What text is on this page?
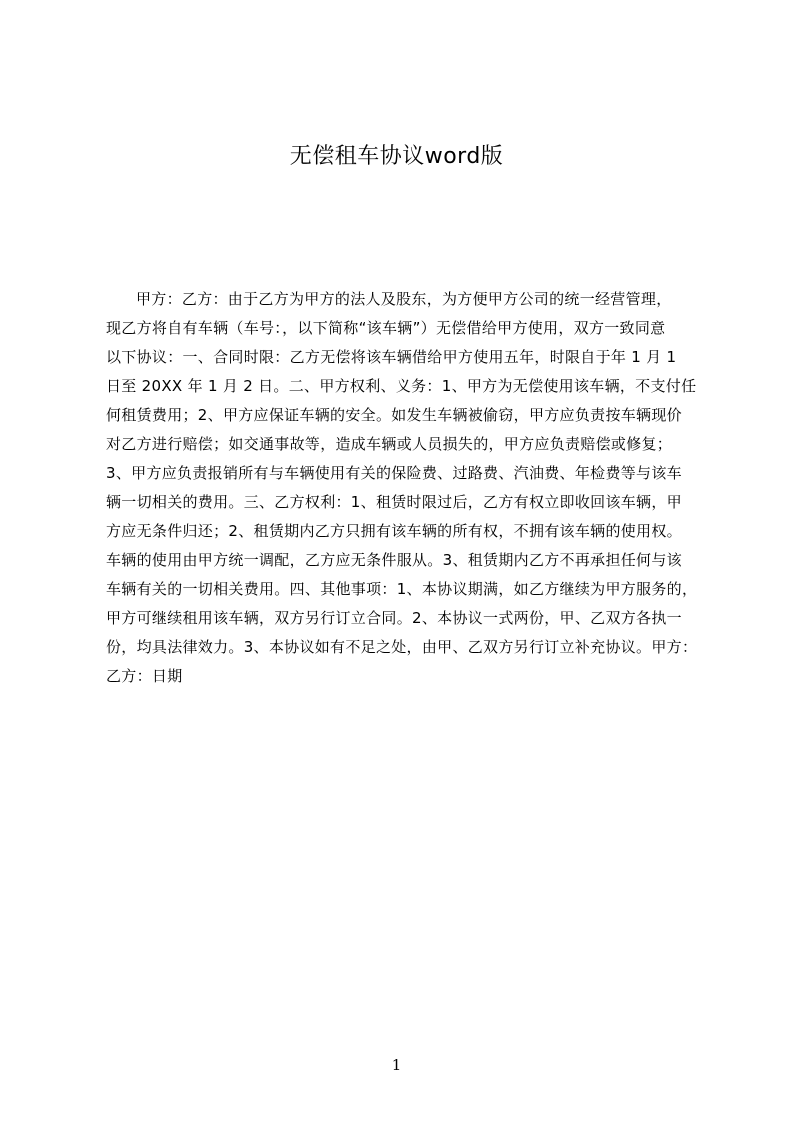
无偿租车协议word版
甲方：乙方：由于乙方为甲方的法人及股东，为方便甲方公司的统一经营管理，
现乙方将自有车辆（车号：，以下简称“该车辆”）无偿借给甲方使用，双方一致同意
以下协议：一、合同时限：乙方无偿将该车辆借给甲方使用五年，时限自于年 1 月 1
日至 20XX 年 1 月 2 日。二、甲方权利、义务：1、甲方为无偿使用该车辆，不支付任
何租赁费用；2、甲方应保证车辆的安全。如发生车辆被偷窃，甲方应负责按车辆现价
对乙方进行赔偿；如交通事故等，造成车辆或人员损失的，甲方应负责赔偿或修复；
3、甲方应负责报销所有与车辆使用有关的保险费、过路费、汽油费、年检费等与该车
辆一切相关的费用。三、乙方权利：1、租赁时限过后，乙方有权立即收回该车辆，甲
方应无条件归还；2、租赁期内乙方只拥有该车辆的所有权，不拥有该车辆的使用权。
车辆的使用由甲方统一调配，乙方应无条件服从。3、租赁期内乙方不再承担任何与该
车辆有关的一切相关费用。四、其他事项：1、本协议期满，如乙方继续为甲方服务的，
甲方可继续租用该车辆，双方另行订立合同。2、本协议一式两份，甲、乙双方各执一
份，均具法律效力。3、本协议如有不足之处，由甲、乙双方另行订立补充协议。甲方：
乙方：日期
1
